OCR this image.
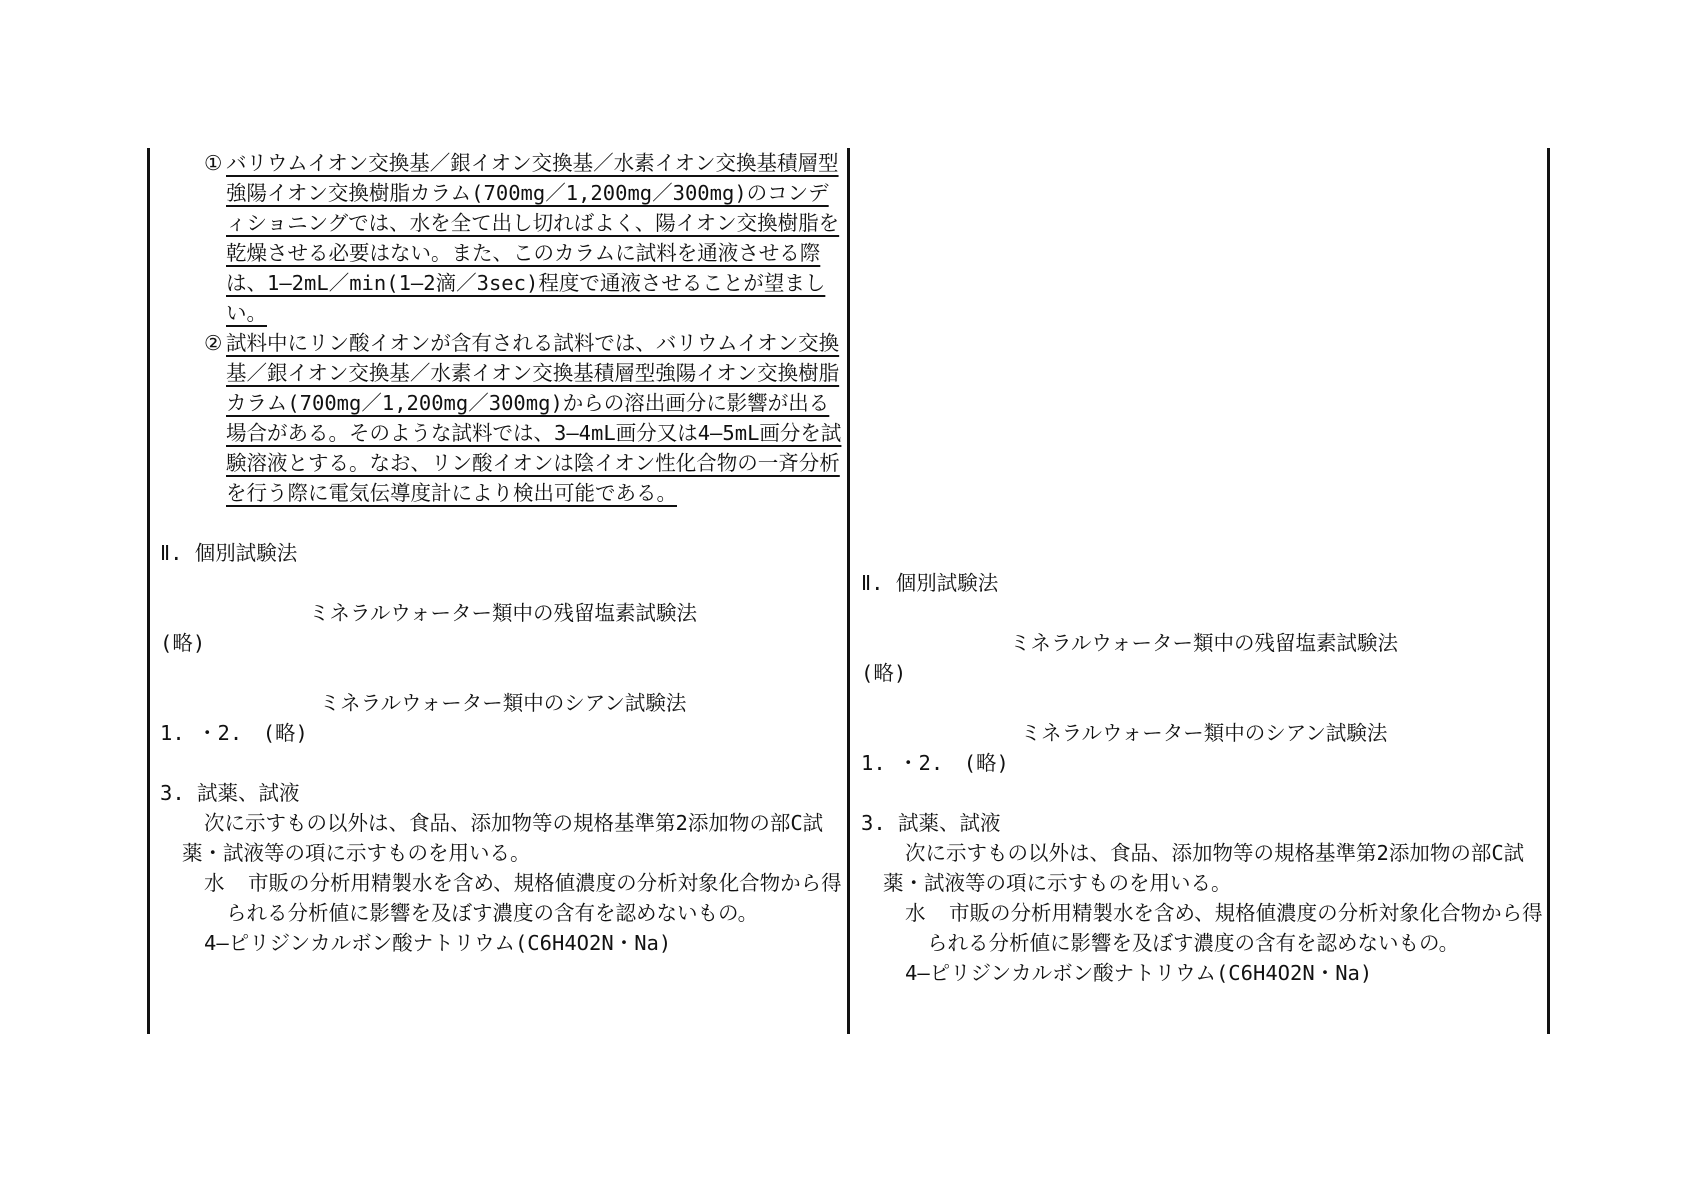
① バリウムイオン交換基／銀イオン交換基／水素イオン交換基積層型強陽イオン交換樹脂カラム(700mg／1,200mg／300mg)のコンディショニングでは、水を全て出し切ればよく、陽イオン交換樹脂を乾燥させる必要はない。また、このカラムに試料を通液させる際は、1―2mL／min(1―2滴／3sec)程度で通液させることが望ましい。
② 試料中にリン酸イオンが含有される試料では、バリウムイオン交換基／銀イオン交換基／水素イオン交換基積層型強陽イオン交換樹脂カラム(700mg／1,200mg／300mg)からの溶出画分に影響が出る場合がある。そのような試料では、3―4mL画分又は4―5mL画分を試験溶液とする。なお、リン酸イオンは陰イオン性化合物の一斉分析を行う際に電気伝導度計により検出可能である。
Ⅱ. 個別試験法
ミネラルウォーター類中の残留塩素試験法
(略)
ミネラルウォーター類中のシアン試験法
1. ・2.　(略)
3. 試薬、試液
次に示すもの以外は、食品、添加物等の規格基準第2添加物の部C試薬・試液等の項に示すものを用いる。
水	市販の分析用精製水を含め、規格値濃度の分析対象化合物から得られる分析値に影響を及ぼす濃度の含有を認めないもの。
4―ピリジンカルボン酸ナトリウム(C6H4O2N・Na)
Ⅱ. 個別試験法
ミネラルウォーター類中の残留塩素試験法
(略)
ミネラルウォーター類中のシアン試験法
1. ・2.　(略)
3. 試薬、試液
次に示すもの以外は、食品、添加物等の規格基準第2添加物の部C試薬・試液等の項に示すものを用いる。
水	市販の分析用精製水を含め、規格値濃度の分析対象化合物から得られる分析値に影響を及ぼす濃度の含有を認めないもの。
4―ピリジンカルボン酸ナトリウム(C6H4O2N・Na)
